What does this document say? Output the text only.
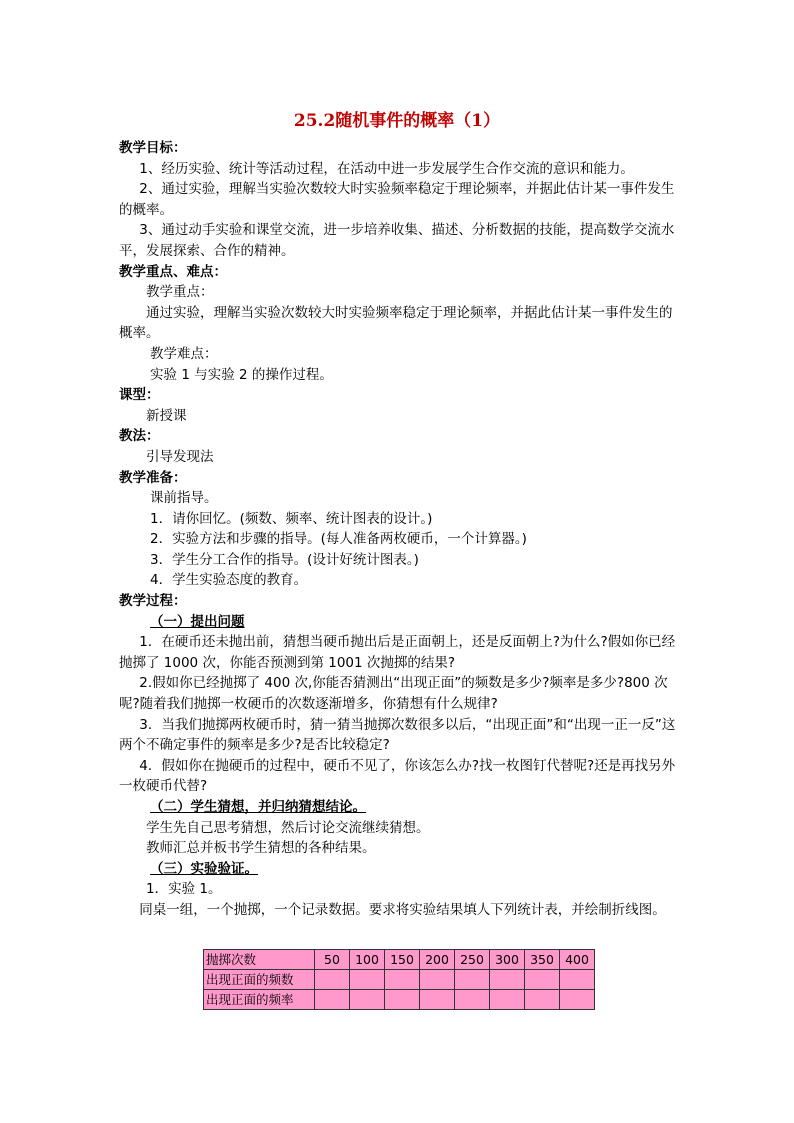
25.2随机事件的概率（1）

教学目标：

1、经历实验、统计等活动过程，在活动中进一步发展学生合作交流的意识和能力。

2、通过实验，理解当实验次数较大时实验频率稳定于理论频率，并据此估计某一事件发生的概率。

3、通过动手实验和课堂交流，进一步培养收集、描述、分析数据的技能，提高数学交流水平，发展探索、合作的精神。

教学重点、难点：

教学重点：

通过实验，理解当实验次数较大时实验频率稳定于理论频率，并据此估计某一事件发生的概率。

教学难点：

实验 1 与实验 2 的操作过程。

课型：

新授课

教法：

引导发现法

教学准备：

课前指导。

1．请你回忆。(频数、频率、统计图表的设计。)

2．实验方法和步骤的指导。(每人准备两枚硬币，一个计算器。)

3．学生分工合作的指导。(设计好统计图表。)

4．学生实验态度的教育。

教学过程：

（一）提出问题

1．在硬币还未抛出前，猜想当硬币抛出后是正面朝上，还是反面朝上?为什么?假如你已经抛掷了 1000 次，你能否预测到第 1001 次抛掷的结果?

2.假如你已经抛掷了 400 次,你能否猜测出“出现正面”的频数是多少?频率是多少?800 次呢?随着我们抛掷一枚硬币的次数逐渐增多，你猜想有什么规律?

3．当我们抛掷两枚硬币时，猜一猜当抛掷次数很多以后，“出现正面”和“出现一正一反”这两个不确定事件的频率是多少?是否比较稳定?

4．假如你在抛硬币的过程中，硬币不见了，你该怎么办?找一枚图钉代替呢?还是再找另外一枚硬币代替?

（二）学生猜想，并归纳猜想结论。

学生先自己思考猜想，然后讨论交流继续猜想。

教师汇总并板书学生猜想的各种结果。

（三）实验验证。

1．实验 1。

同桌一组，一个抛掷，一个记录数据。要求将实验结果填人下列统计表，并绘制折线图。

抛掷次数	50	100	150	200	250	300	350	400
出现正面的频数								
出现正面的频率								
